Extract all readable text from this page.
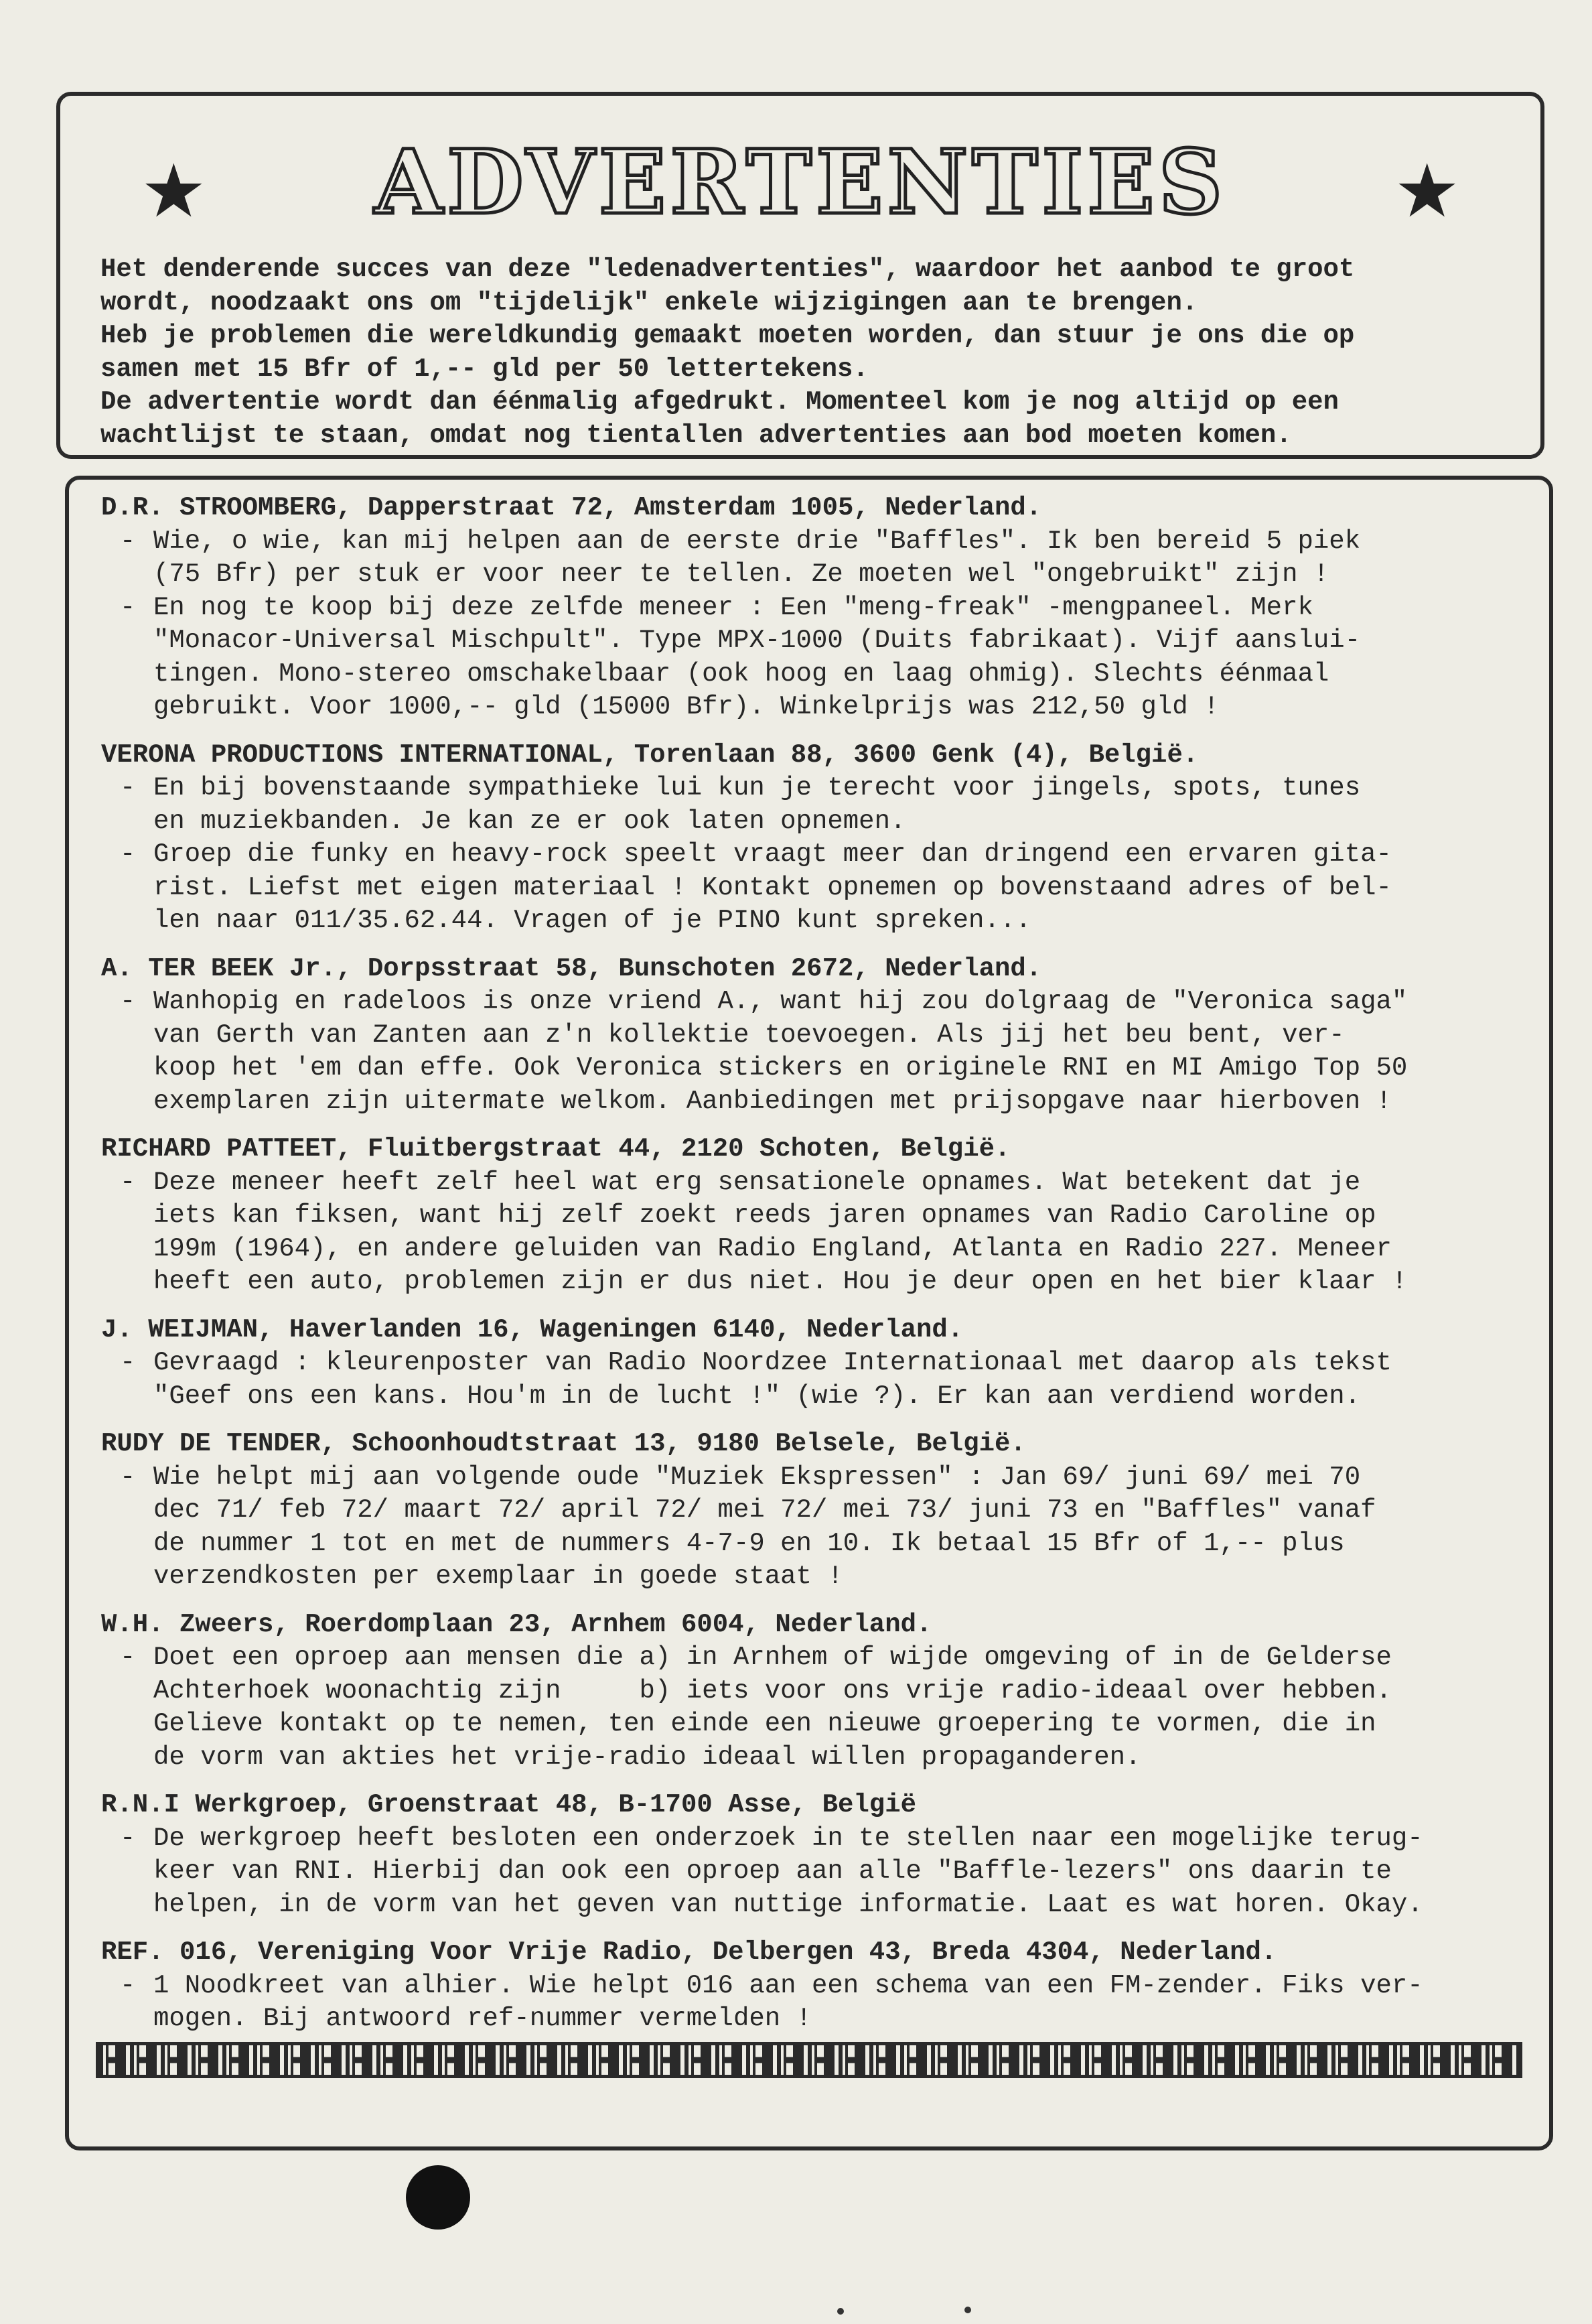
★	ADVERTENTIES	★
Het denderende succes van deze "ledenadvertenties", waardoor het aanbod te groot
wordt, noodzaakt ons om "tijdelijk" enkele wijzigingen aan te brengen.
Heb je problemen die wereldkundig gemaakt moeten worden, dan stuur je ons die op
samen met 15 Bfr of 1,-- gld per 50 lettertekens.
De advertentie wordt dan éénmalig afgedrukt. Momenteel kom je nog altijd op een
wachtlijst te staan, omdat nog tientallen advertenties aan bod moeten komen.
D.R. STROOMBERG, Dapperstraat 72, Amsterdam 1005, Nederland.
- Wie, o wie, kan mij helpen aan de eerste drie "Baffles". Ik ben bereid 5 piek
(75 Bfr) per stuk er voor neer te tellen. Ze moeten wel "ongebruikt" zijn !
- En nog te koop bij deze zelfde meneer : Een "meng-freak" -mengpaneel. Merk
"Monacor-Universal Mischpult". Type MPX-1000 (Duits fabrikaat). Vijf aanslui-
tingen. Mono-stereo omschakelbaar (ook hoog en laag ohmig). Slechts éénmaal
gebruikt. Voor 1000,-- gld (15000 Bfr). Winkelprijs was 212,50 gld !
VERONA PRODUCTIONS INTERNATIONAL, Torenlaan 88, 3600 Genk (4), België.
- En bij bovenstaande sympathieke lui kun je terecht voor jingels, spots, tunes
en muziekbanden. Je kan ze er ook laten opnemen.
- Groep die funky en heavy-rock speelt vraagt meer dan dringend een ervaren gita-
rist. Liefst met eigen materiaal ! Kontakt opnemen op bovenstaand adres of bel-
len naar 011/35.62.44. Vragen of je PINO kunt spreken...
A. TER BEEK Jr., Dorpsstraat 58, Bunschoten 2672, Nederland.
- Wanhopig en radeloos is onze vriend A., want hij zou dolgraag de "Veronica saga"
van Gerth van Zanten aan z'n kollektie toevoegen. Als jij het beu bent, ver-
koop het 'em dan effe. Ook Veronica stickers en originele RNI en MI Amigo Top 50
exemplaren zijn uitermate welkom. Aanbiedingen met prijsopgave naar hierboven !
RICHARD PATTEET, Fluitbergstraat 44, 2120 Schoten, België.
- Deze meneer heeft zelf heel wat erg sensationele opnames. Wat betekent dat je
iets kan fiksen, want hij zelf zoekt reeds jaren opnames van Radio Caroline op
199m (1964), en andere geluiden van Radio England, Atlanta en Radio 227. Meneer
heeft een auto, problemen zijn er dus niet. Hou je deur open en het bier klaar !
J. WEIJMAN, Haverlanden 16, Wageningen 6140, Nederland.
- Gevraagd : kleurenposter van Radio Noordzee Internationaal met daarop als tekst
"Geef ons een kans. Hou'm in de lucht !" (wie ?). Er kan aan verdiend worden.
RUDY DE TENDER, Schoonhoudtstraat 13, 9180 Belsele, België.
- Wie helpt mij aan volgende oude "Muziek Ekspressen" : Jan 69/ juni 69/ mei 70
dec 71/ feb 72/ maart 72/ april 72/ mei 72/ mei 73/ juni 73 en "Baffles" vanaf
de nummer 1 tot en met de nummers 4-7-9 en 10. Ik betaal 15 Bfr of 1,-- plus
verzendkosten per exemplaar in goede staat !
W.H. Zweers, Roerdomplaan 23, Arnhem 6004, Nederland.
- Doet een oproep aan mensen die a) in Arnhem of wijde omgeving of in de Gelderse
Achterhoek woonachtig zijn     b) iets voor ons vrije radio-ideaal over hebben.
Gelieve kontakt op te nemen, ten einde een nieuwe groepering te vormen, die in
de vorm van akties het vrije-radio ideaal willen propaganderen.
R.N.I Werkgroep, Groenstraat 48, B-1700 Asse, België
- De werkgroep heeft besloten een onderzoek in te stellen naar een mogelijke terug-
keer van RNI. Hierbij dan ook een oproep aan alle "Baffle-lezers" ons daarin te
helpen, in de vorm van het geven van nuttige informatie. Laat es wat horen. Okay.
REF. 016, Vereniging Voor Vrije Radio, Delbergen 43, Breda 4304, Nederland.
- 1 Noodkreet van alhier. Wie helpt 016 aan een schema van een FM-zender. Fiks ver-
mogen. Bij antwoord ref-nummer vermelden !
